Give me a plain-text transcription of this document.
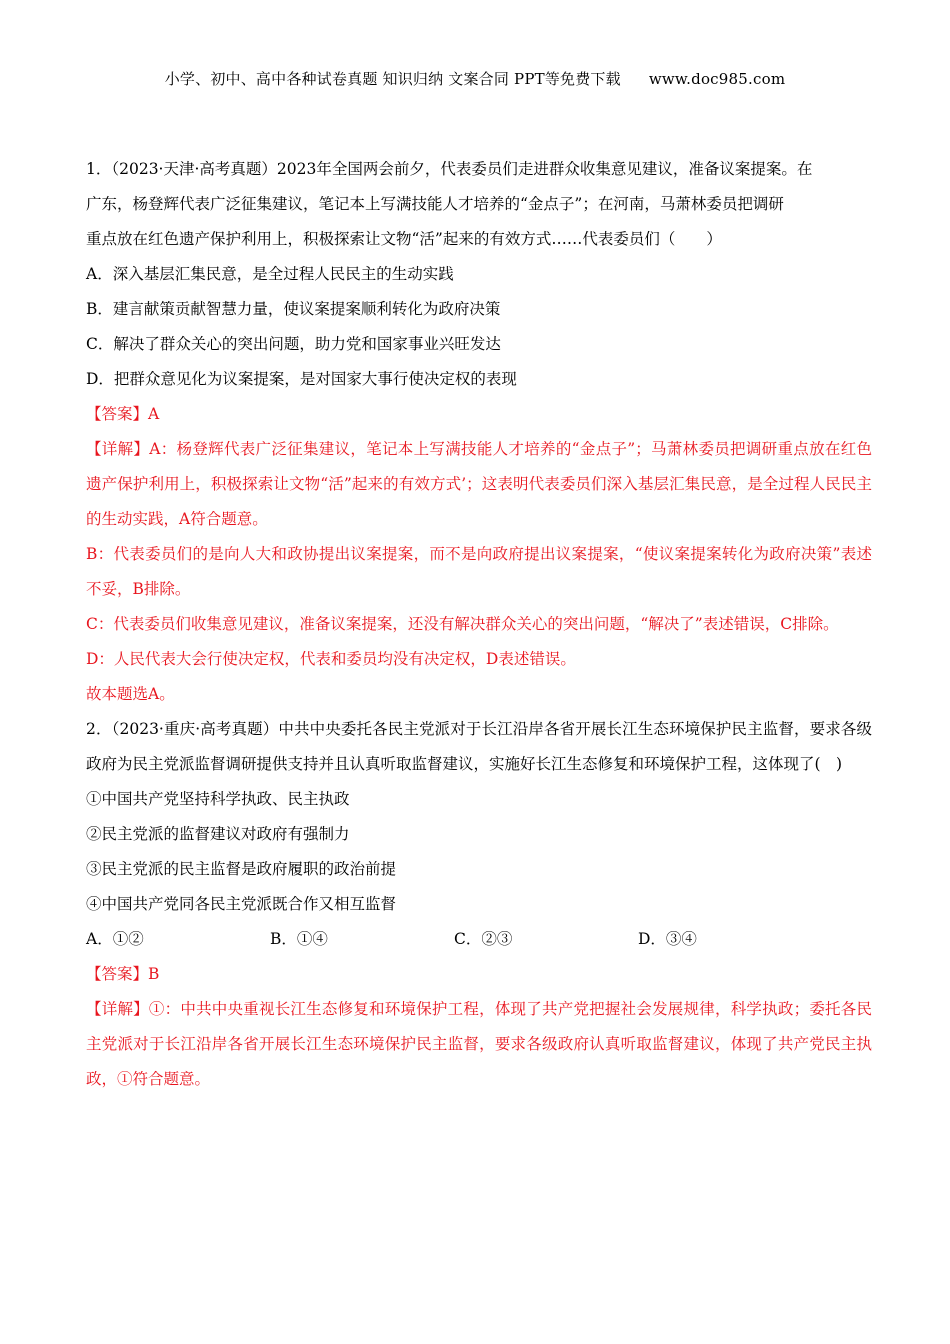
小学、初中、高中各种试卷真题 知识归纳 文案合同 PPT等免费下载 www.doc985.com
1．（2023·天津·高考真题）2023年全国两会前夕，代表委员们走进群众收集意见建议，准备议案提案。在
广东，杨登辉代表广泛征集建议，笔记本上写满技能人才培养的“金点子”；在河南，马萧林委员把调研
重点放在红色遗产保护利用上，积极探索让文物“活”起来的有效方式……代表委员们（　　）
A．深入基层汇集民意，是全过程人民民主的生动实践
B．建言献策贡献智慧力量，使议案提案顺利转化为政府决策
C．解决了群众关心的突出问题，助力党和国家事业兴旺发达
D．把群众意见化为议案提案，是对国家大事行使决定权的表现
【答案】A
【详解】A：杨登辉代表广泛征集建议，笔记本上写满技能人才培养的“金点子”；马萧林委员把调研重点放在红色遗产保护利用上，积极探索让文物“活”起来的有效方式’；这表明代表委员们深入基层汇集民意，是全过程人民民主的生动实践，A符合题意。
B：代表委员们的是向人大和政协提出议案提案，而不是向政府提出议案提案，“使议案提案转化为政府决策”表述不妥，B排除。
C：代表委员们收集意见建议，准备议案提案，还没有解决群众关心的突出问题，“解决了”表述错误，C排除。
D：人民代表大会行使决定权，代表和委员均没有决定权，D表述错误。
故本题选A。
2．（2023·重庆·高考真题）中共中央委托各民主党派对于长江沿岸各省开展长江生态环境保护民主监督，要求各级政府为民主党派监督调研提供支持并且认真听取监督建议，实施好长江生态修复和环境保护工程，这体现了(　)
①中国共产党坚持科学执政、民主执政
②民主党派的监督建议对政府有强制力
③民主党派的民主监督是政府履职的政治前提
④中国共产党同各民主党派既合作又相互监督
A．①②	B．①④	C．②③	D．③④
【答案】B
【详解】①：中共中央重视长江生态修复和环境保护工程，体现了共产党把握社会发展规律，科学执政；委托各民主党派对于长江沿岸各省开展长江生态环境保护民主监督，要求各级政府认真听取监督建议，体现了共产党民主执政，①符合题意。
